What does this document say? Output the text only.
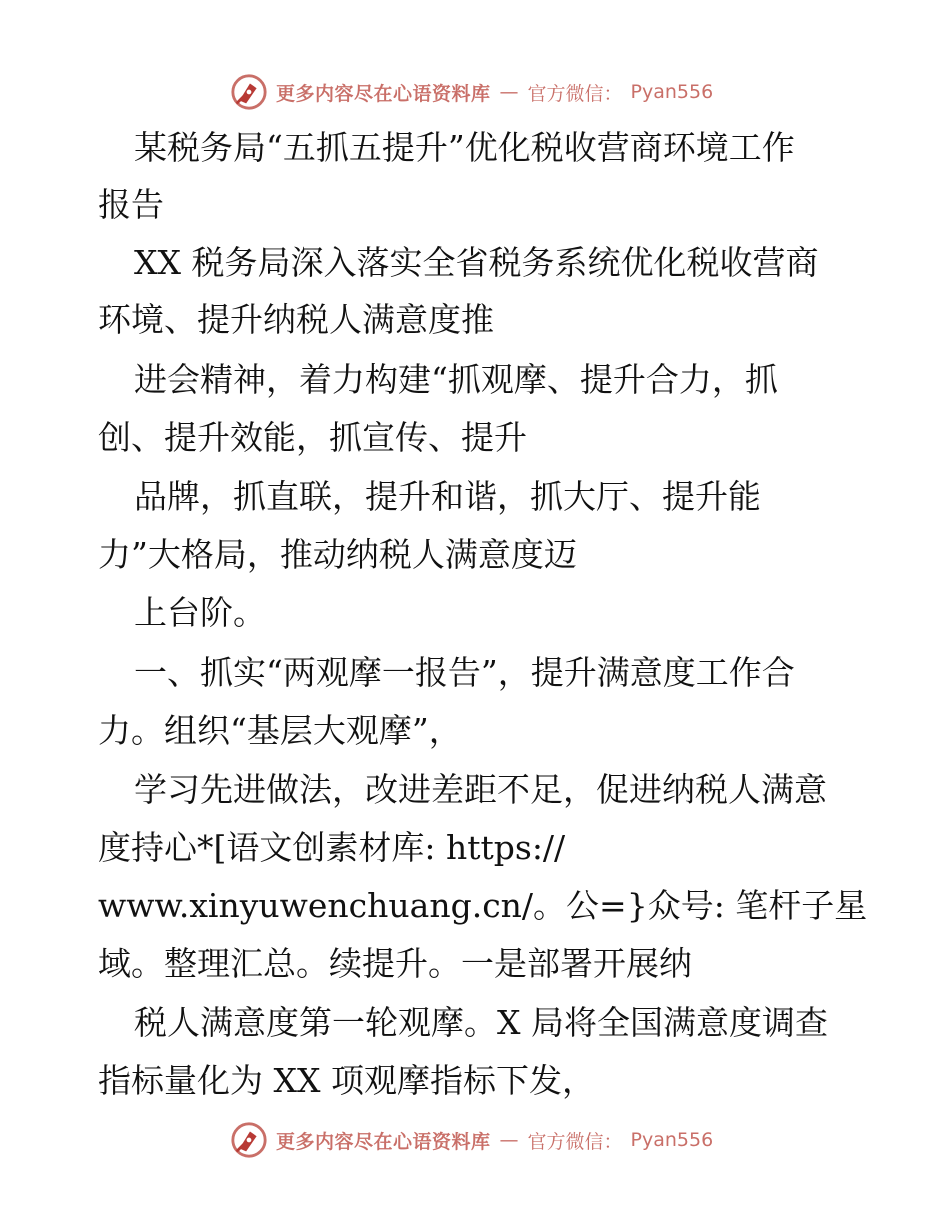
更多内容尽在心语资料库 — 官方微信： Pyan556
某税务局“五抓五提升”优化税收营商环境工作
报告
XX 税务局深入落实全省税务系统优化税收营商
环境、提升纳税人满意度推
进会精神，着力构建“抓观摩、提升合力，抓
创、提升效能，抓宣传、提升
品牌，抓直联，提升和谐，抓大厅、提升能
力”大格局，推动纳税人满意度迈
上台阶。
一、抓实“两观摩一报告”，提升满意度工作合
力。组织“基层大观摩”，
学习先进做法，改进差距不足，促进纳税人满意
度持心*[语文创素材库: https://
www.xinyuwenchuang.cn/。公=}众号: 笔杆子星
域。整理汇总。续提升。一是部署开展纳
税人满意度第一轮观摩。X 局将全国满意度调查
指标量化为 XX 项观摩指标下发，
更多内容尽在心语资料库 — 官方微信： Pyan556
